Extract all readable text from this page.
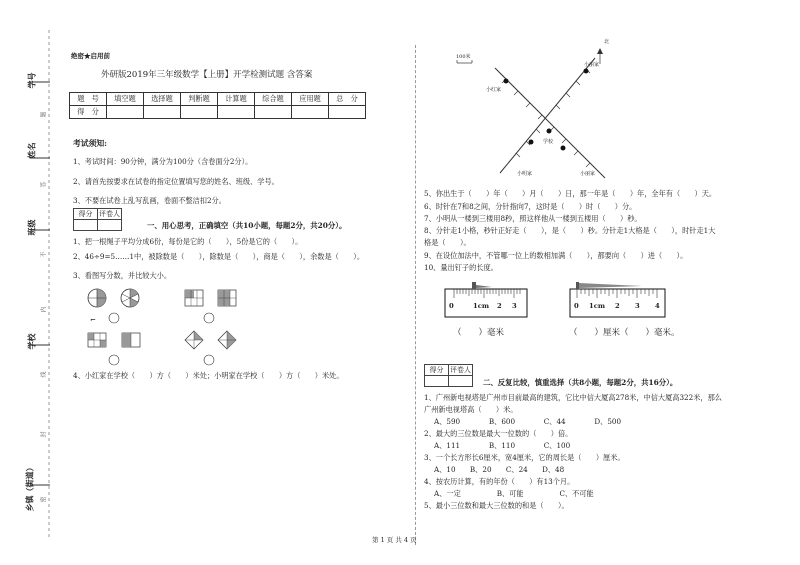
学号
姓名
班级
学校
乡镇（街道）
题
答
不
内
线
封
密
绝密★启用前
外研版2019年三年级数学【上册】开学检测试题 含答案
题　号	填空题	选择题	判断题	计算题	综合题	应用题	总　分
得　分							
考试须知:
1、考试时间：90分钟，满分为100分（含卷面分2分）。
2、请首先按要求在试卷的指定位置填写您的姓名、班级、学号。
3、不要在试卷上乱写乱画，卷面不整洁扣2分。
得分	评卷人

一、用心思考，正确填空（共10小题，每题2分，共20分）。
1、把一根绳子平均分成6份，每份是它的（　　），5份是它的（　　）。
2、46÷9=5……1中，被除数是（　　），除数是（　　），商是（　　），余数是（　　）。
3、看图写分数，并比较大小。
⌐
4、小红家在学校（　　）方（　　）米处；小明家在学校（　　）方（　　）米处。
100米
北
小红家
小丽家
学校
小明家	小丽家
5、你出生于（　　）年（　　）月（　　）日，那一年是（　　）年，全年有（　　）天。
6、时针在7和8之间，分针指向7，这时是（　　）时（　　）分。
7、小明从一楼到三楼用8秒，照这样他从一楼到五楼用（　　）秒。
8、分针走1小格，秒针正好走（　　），是（　　）秒。分针走1大格是（　　），时针走1大
格是（　　）。
9、在设位加法中，不管哪一位上的数相加满（　　），都要向（　　）进（　　）。
10、量出钉子的长度。
0	1cm 2 3	0 1cm 2 3 4
（　　）毫米	（　　）厘米（　　）毫米。
得分	评卷人

二、反复比较，慎重选择（共8小题，每题2分，共16分）。
1、广州新电视塔是广州市目前最高的建筑，它比中信大厦高278米，中信大厦高322米，那么
广州新电视塔高（　　）米。
A、590　　　　B、600　　　　C、44　　　　D、500
2、最大的三位数是最大一位数的（　　）倍。
A、111　　　　B、110　　　　C、100
3、一个长方形长6厘米，宽4厘米，它的周长是（　　）厘米。
A、10　　B、20　　C、24　　D、48
4、按农历计算，有的年份（　　）有13个月。
A、一定　　　　　B、可能　　　　　C、不可能
5、最小三位数和最大三位数的和是（　　）。
第 1 页 共 4 页
